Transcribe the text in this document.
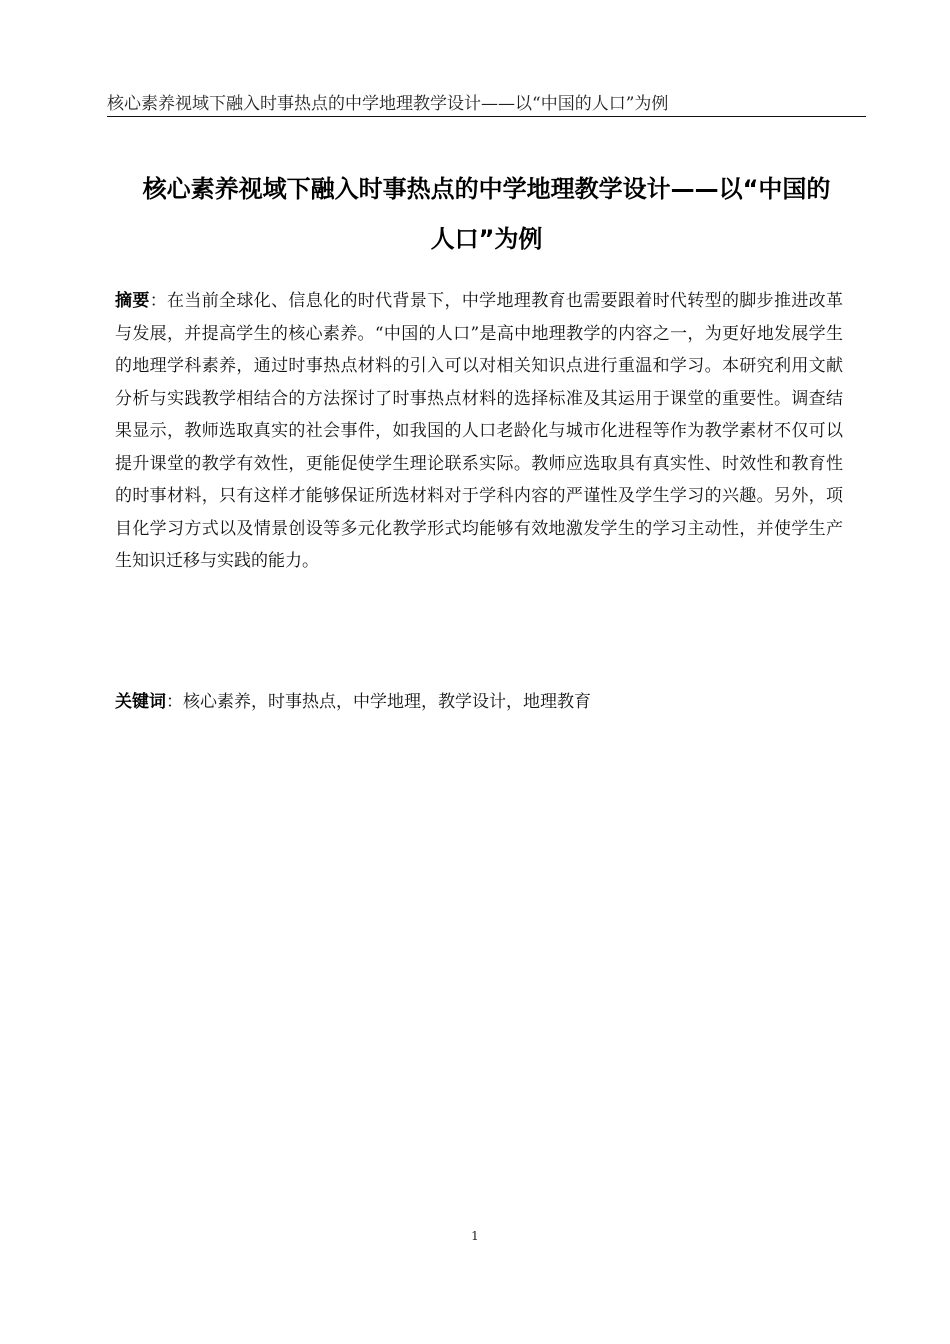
核心素养视域下融入时事热点的中学地理教学设计——以“中国的人口”为例
核心素养视域下融入时事热点的中学地理教学设计——以“中国的
人口”为例

摘要：在当前全球化、信息化的时代背景下，中学地理教育也需要跟着时代转型的脚步推进改革与发展，并提高学生的核心素养。“中国的人口”是高中地理教学的内容之一，为更好地发展学生的地理学科素养，通过时事热点材料的引入可以对相关知识点进行重温和学习。本研究利用文献分析与实践教学相结合的方法探讨了时事热点材料的选择标准及其运用于课堂的重要性。调查结果显示，教师选取真实的社会事件，如我国的人口老龄化与城市化进程等作为教学素材不仅可以提升课堂的教学有效性，更能促使学生理论联系实际。教师应选取具有真实性、时效性和教育性的时事材料，只有这样才能够保证所选材料对于学科内容的严谨性及学生学习的兴趣。另外，项目化学习方式以及情景创设等多元化教学形式均能够有效地激发学生的学习主动性，并使学生产生知识迁移与实践的能力。

关键词：核心素养，时事热点，中学地理，教学设计，地理教育

1
